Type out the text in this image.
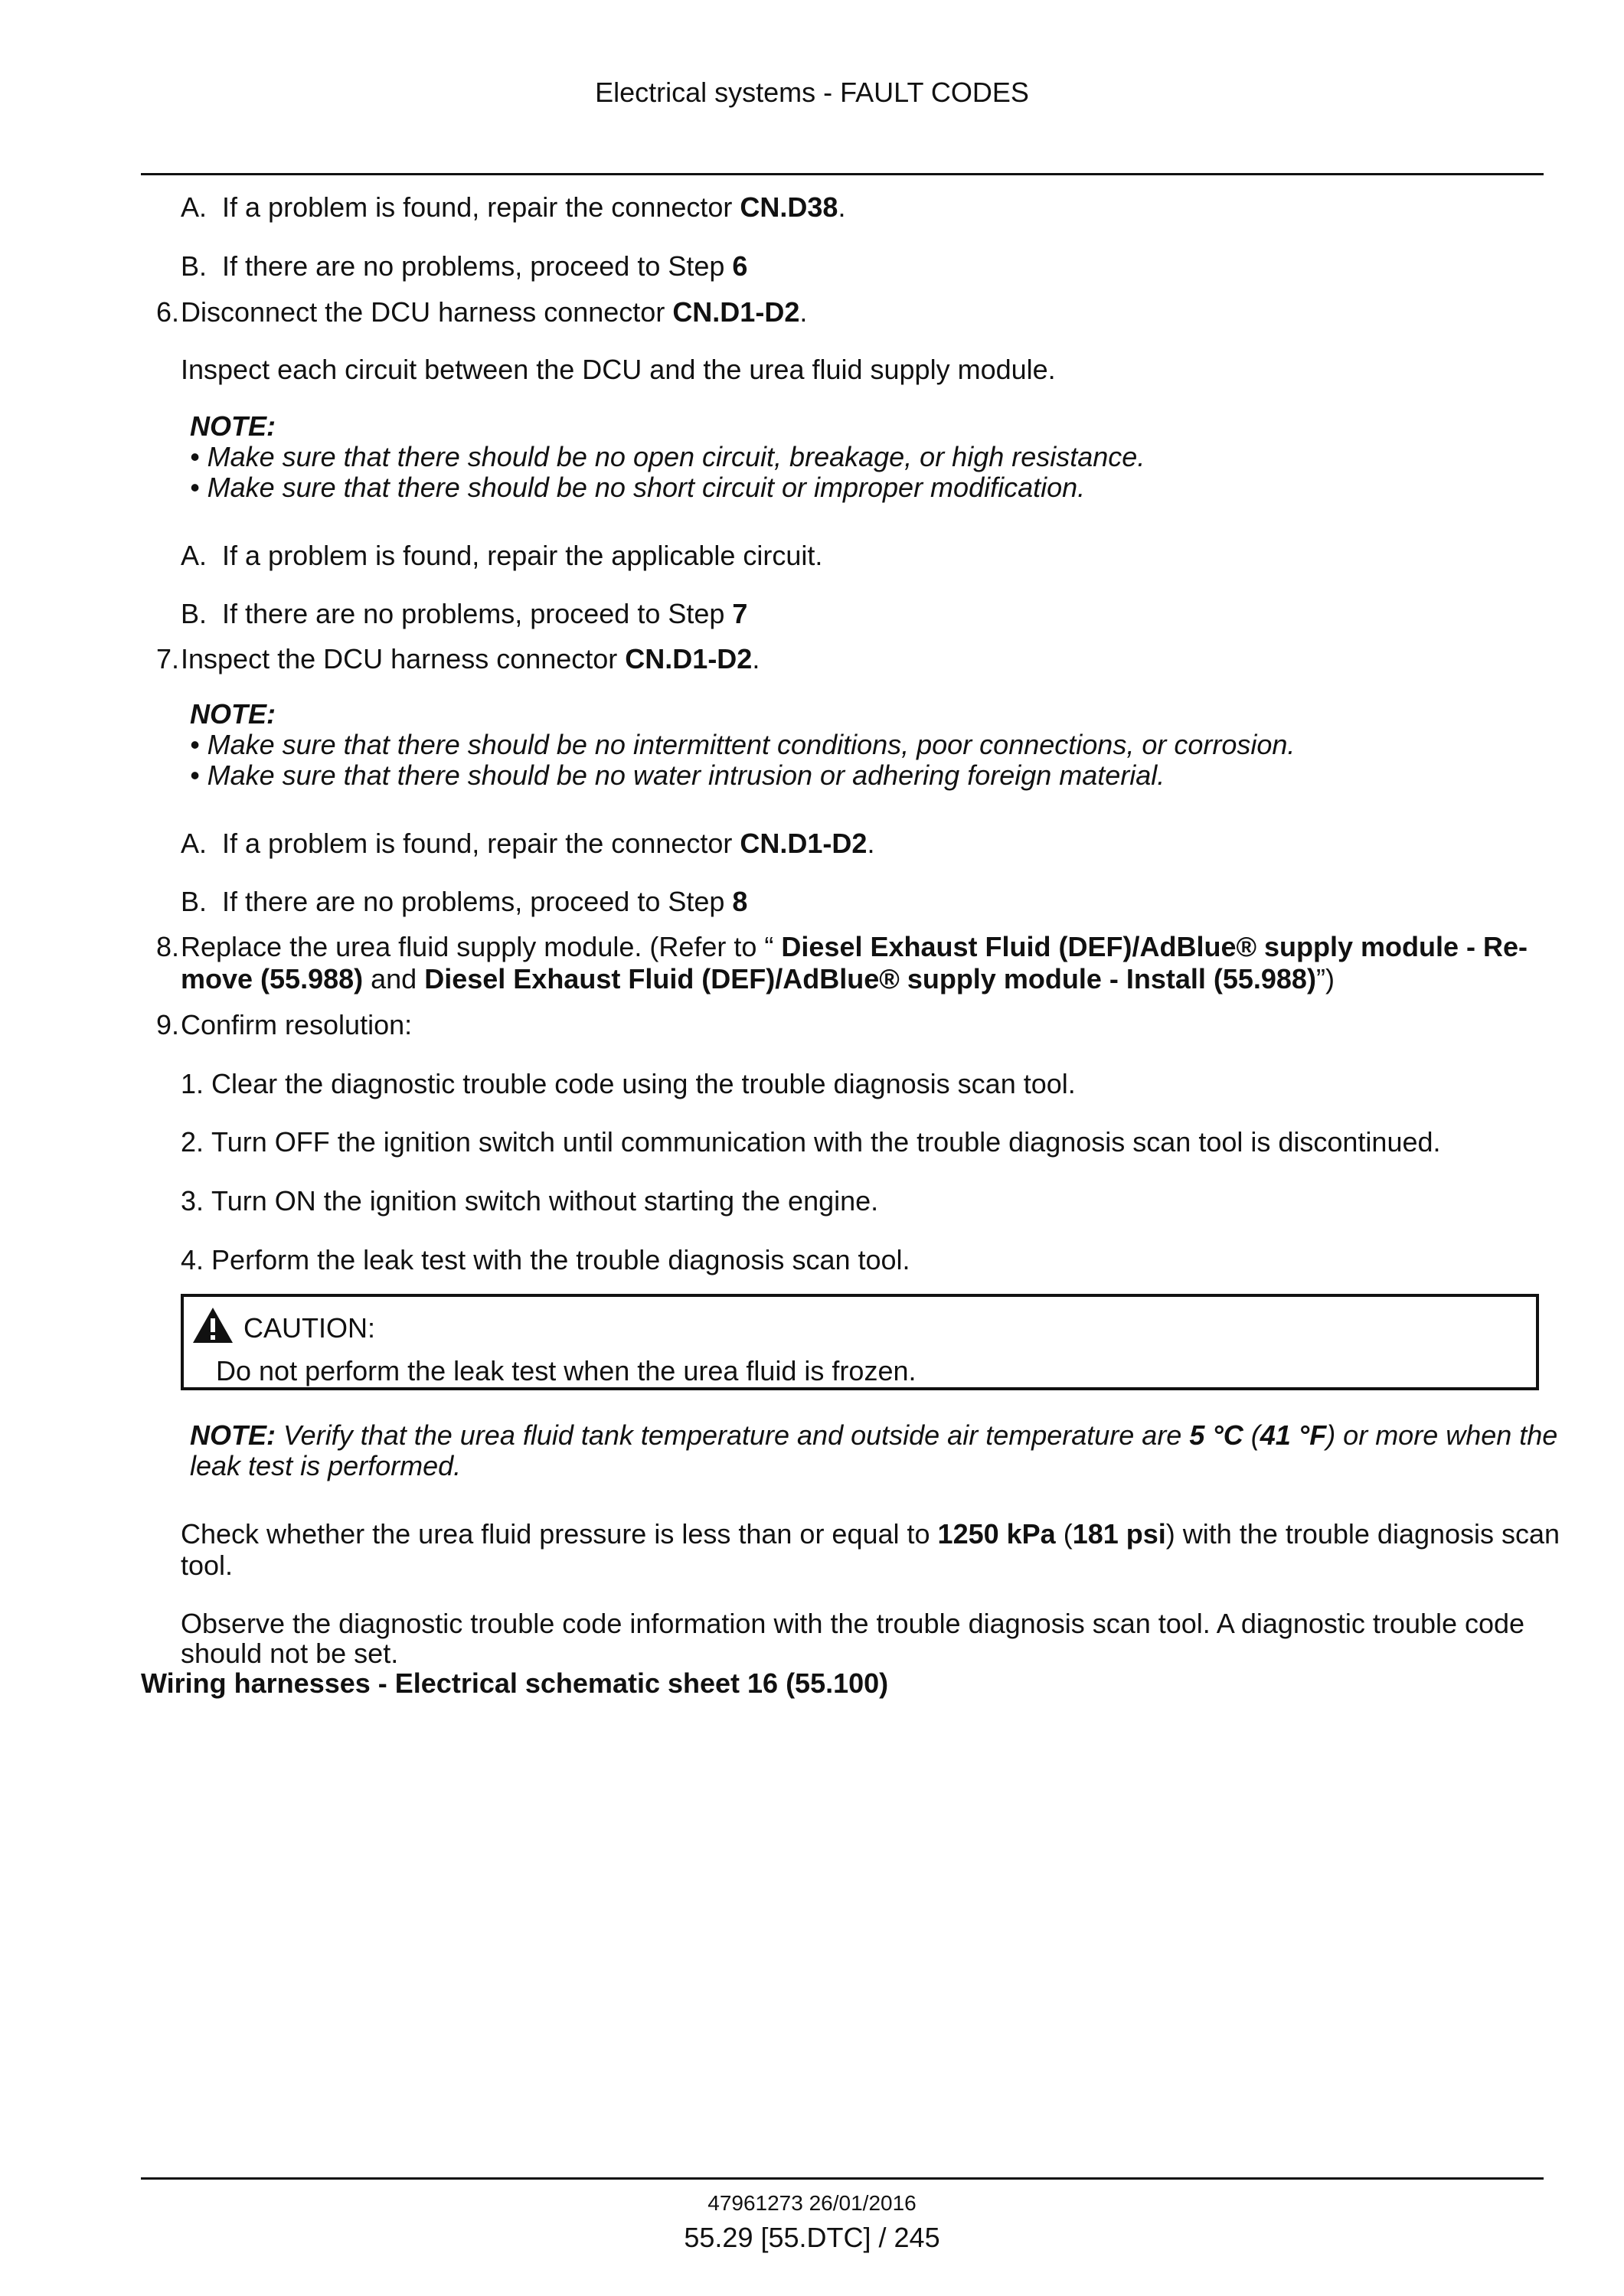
Electrical systems - FAULT CODES
A. If a problem is found, repair the connector CN.D38.
B. If there are no problems, proceed to Step 6
6. Disconnect the DCU harness connector CN.D1-D2.
Inspect each circuit between the DCU and the urea fluid supply module.
NOTE:
• Make sure that there should be no open circuit, breakage, or high resistance.
• Make sure that there should be no short circuit or improper modification.
A. If a problem is found, repair the applicable circuit.
B. If there are no problems, proceed to Step 7
7. Inspect the DCU harness connector CN.D1-D2.
NOTE:
• Make sure that there should be no intermittent conditions, poor connections, or corrosion.
• Make sure that there should be no water intrusion or adhering foreign material.
A. If a problem is found, repair the connector CN.D1-D2.
B. If there are no problems, proceed to Step 8
8. Replace the urea fluid supply module. (Refer to “ Diesel Exhaust Fluid (DEF)/AdBlue® supply module - Re-
move (55.988) and Diesel Exhaust Fluid (DEF)/AdBlue® supply module - Install (55.988)”)
9. Confirm resolution:
1. Clear the diagnostic trouble code using the trouble diagnosis scan tool.
2. Turn OFF the ignition switch until communication with the trouble diagnosis scan tool is discontinued.
3. Turn ON the ignition switch without starting the engine.
4. Perform the leak test with the trouble diagnosis scan tool.
CAUTION:
Do not perform the leak test when the urea fluid is frozen.
NOTE: Verify that the urea fluid tank temperature and outside air temperature are 5 °C (41 °F) or more when the
leak test is performed.
Check whether the urea fluid pressure is less than or equal to 1250 kPa (181 psi) with the trouble diagnosis scan
tool.
Observe the diagnostic trouble code information with the trouble diagnosis scan tool. A diagnostic trouble code
should not be set.
Wiring harnesses - Electrical schematic sheet 16 (55.100)
47961273 26/01/2016
55.29 [55.DTC] / 245
